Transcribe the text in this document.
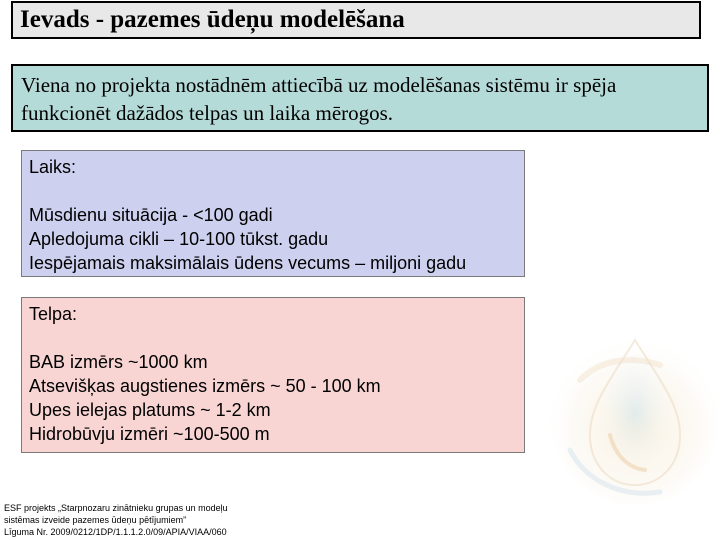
Ievads - pazemes ūdeņu modelēšana
Viena no projekta nostādnēm attiecībā uz modelēšanas sistēmu ir spēja funkcionēt dažādos telpas un laika mērogos.
Laiks:
Mūsdienu situācija - <100 gadi
Apledojuma cikli – 10-100 tūkst. gadu
Iespējamais maksimālais ūdens vecums – miljoni gadu
Telpa:
BAB izmērs ~1000 km
Atsevišķas augstienes izmērs ~ 50 - 100 km
Upes ielejas platums ~ 1-2 km
Hidrobūvju izmēri ~100-500 m
ESF projekts „Starpnozaru zinātnieku grupas un modeļu
sistēmas izveide pazemes ūdeņu pētījumiem”
Līguma Nr. 2009/0212/1DP/1.1.1.2.0/09/APIA/VIAA/060
